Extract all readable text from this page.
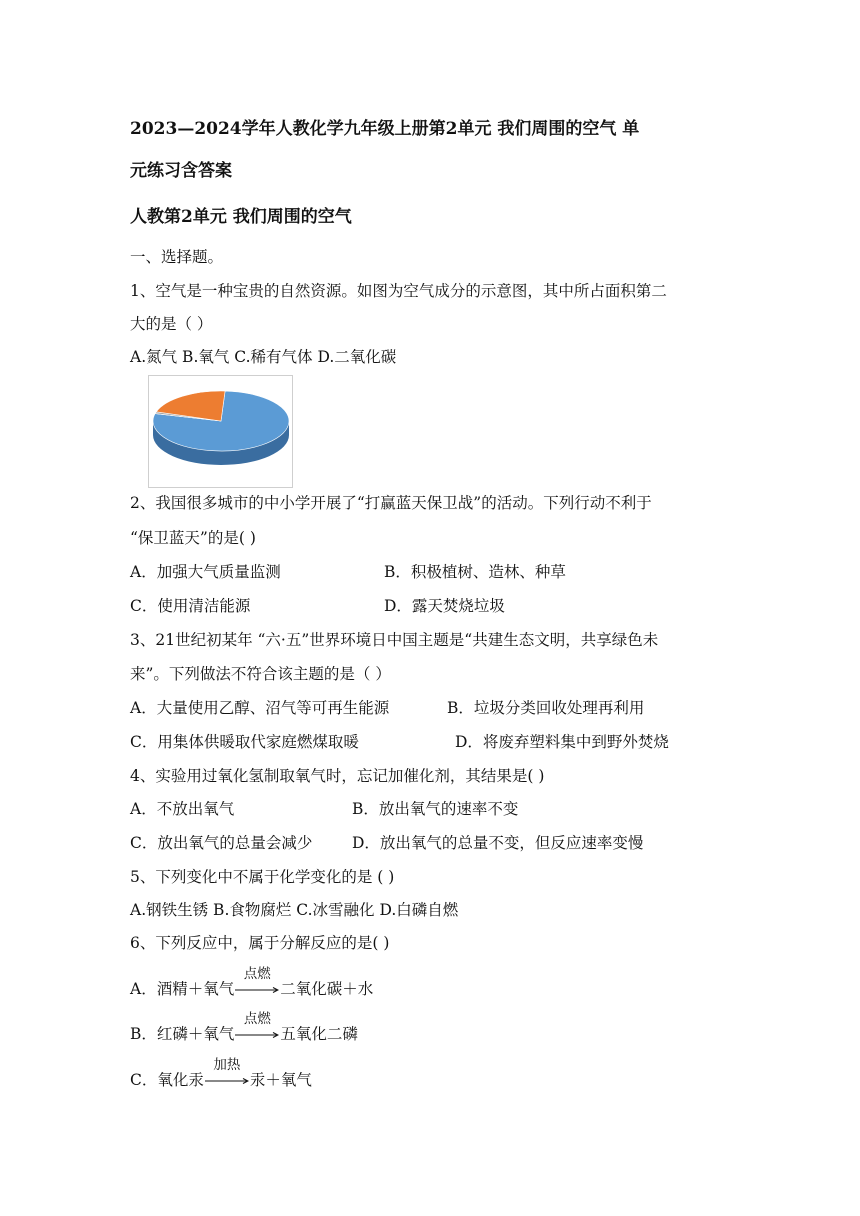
2023—2024学年人教化学九年级上册第2单元 我们周围的空气 单
元练习含答案
人教第2单元 我们周围的空气
一、选择题。
1、空气是一种宝贵的自然资源。如图为空气成分的示意图，其中所占面积第二
大的是（ ）
A.氮气 B.氧气 C.稀有气体 D.二氧化碳
2、我国很多城市的中小学开展了“打赢蓝天保卫战”的活动。下列行动不利于
“保卫蓝天”的是( )
A．加强大气质量监测	B．积极植树、造林、种草
C．使用清洁能源	D．露天焚烧垃圾
3、21世纪初某年 “六·五”世界环境日中国主题是“共建生态文明，共享绿色未
来”。下列做法不符合该主题的是（ ）
A．大量使用乙醇、沼气等可再生能源	B．垃圾分类回收处理再利用
C．用集体供暖取代家庭燃煤取暖	D．将废弃塑料集中到野外焚烧
4、实验用过氧化氢制取氧气时，忘记加催化剂，其结果是( )
A．不放出氧气	B．放出氧气的速率不变
C．放出氧气的总量会减少	D．放出氧气的总量不变，但反应速率变慢
5、下列变化中不属于化学变化的是 ( )
A.钢铁生锈 B.食物腐烂 C.冰雪融化 D.白磷自燃
6、下列反应中，属于分解反应的是( )
A．酒精＋氧气
点燃
二氧化碳＋水
B．红磷＋氧气
点燃
五氧化二磷
C．氧化汞
加热
汞＋氧气
